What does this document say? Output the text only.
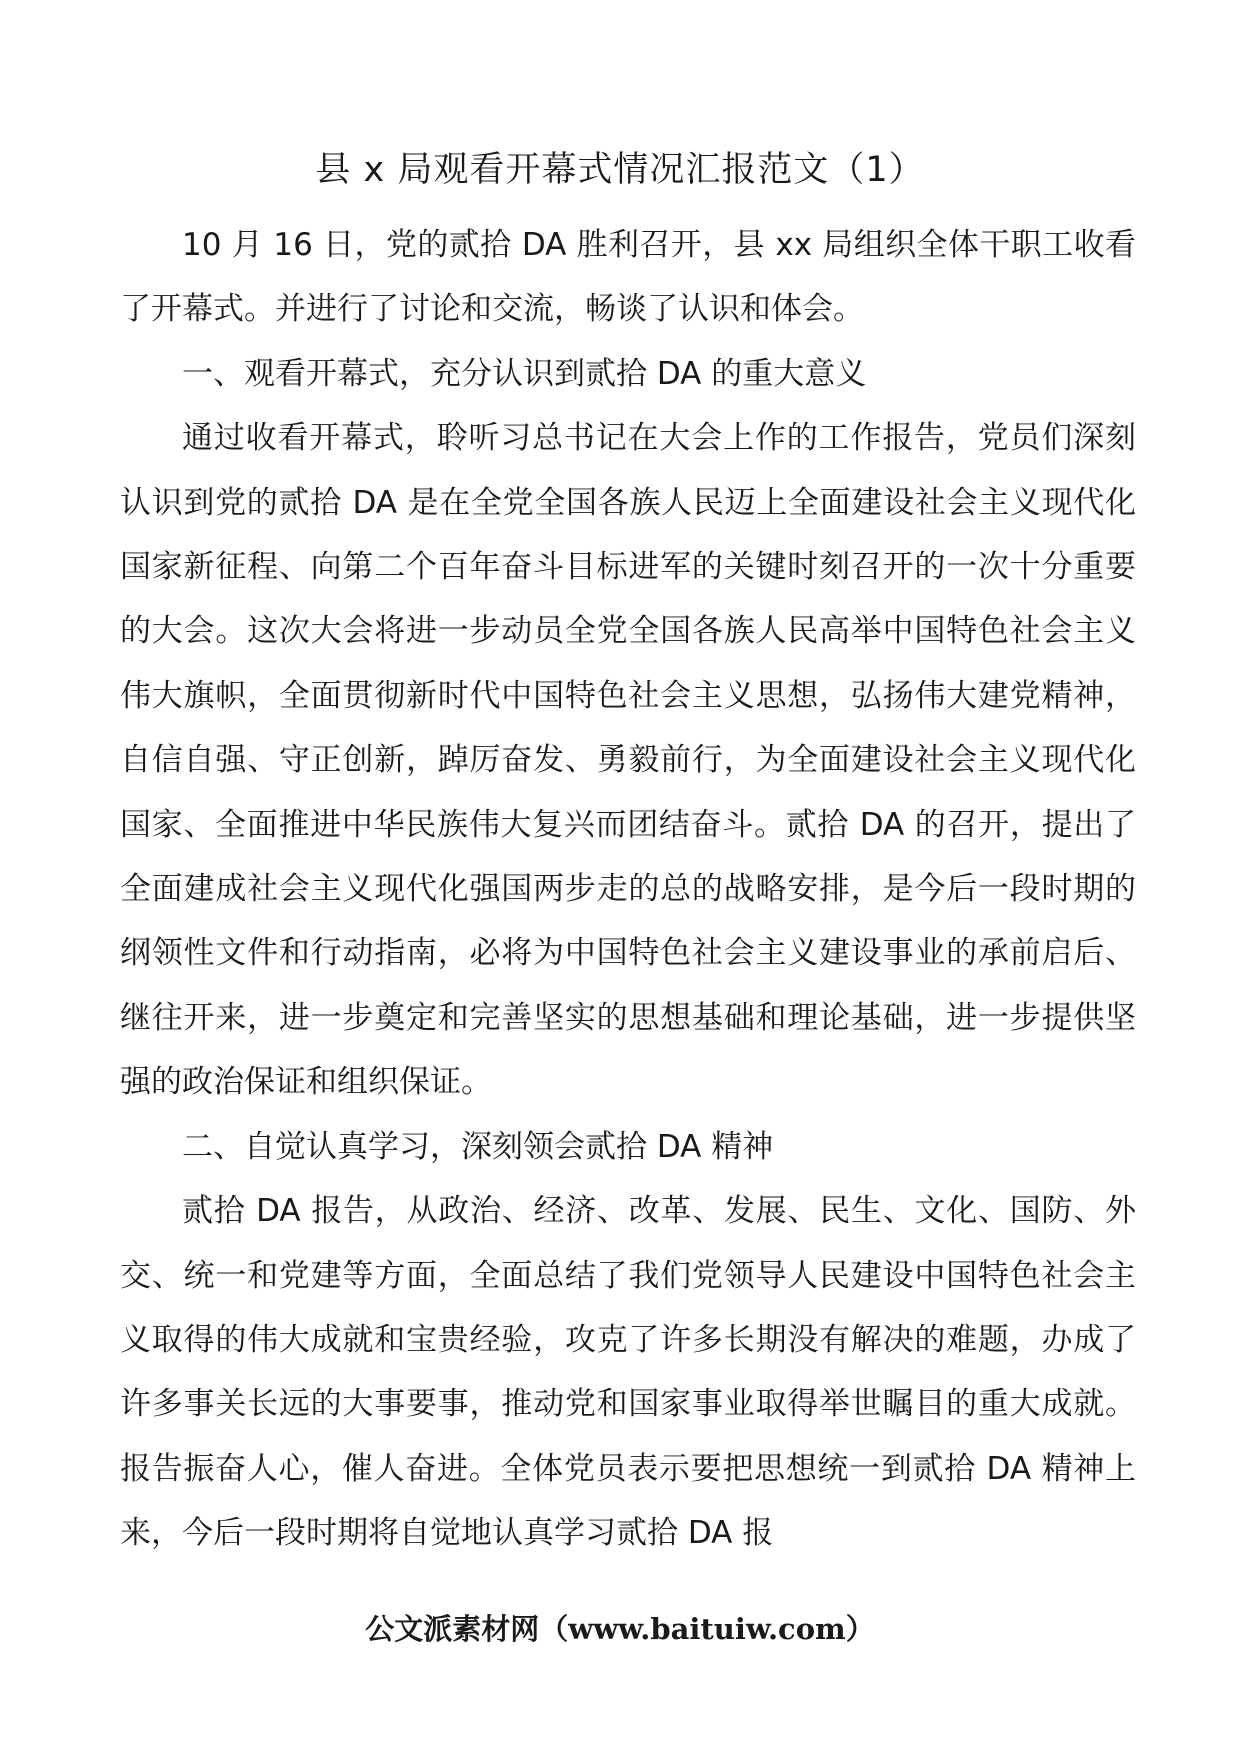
县 x 局观看开幕式情况汇报范文（1）

10 月 16 日，党的贰拾 DA 胜利召开，县 xx 局组织全体干职工收看了开幕式。并进行了讨论和交流，畅谈了认识和体会。

一、观看开幕式，充分认识到贰拾 DA 的重大意义

通过收看开幕式，聆听习总书记在大会上作的工作报告，党员们深刻认识到党的贰拾 DA 是在全党全国各族人民迈上全面建设社会主义现代化国家新征程、向第二个百年奋斗目标进军的关键时刻召开的一次十分重要的大会。这次大会将进一步动员全党全国各族人民高举中国特色社会主义伟大旗帜，全面贯彻新时代中国特色社会主义思想，弘扬伟大建党精神，自信自强、守正创新，踔厉奋发、勇毅前行，为全面建设社会主义现代化国家、全面推进中华民族伟大复兴而团结奋斗。贰拾 DA 的召开，提出了全面建成社会主义现代化强国两步走的总的战略安排，是今后一段时期的纲领性文件和行动指南，必将为中国特色社会主义建设事业的承前启后、继往开来，进一步奠定和完善坚实的思想基础和理论基础，进一步提供坚强的政治保证和组织保证。

二、自觉认真学习，深刻领会贰拾 DA 精神

贰拾 DA 报告，从政治、经济、改革、发展、民生、文化、国防、外交、统一和党建等方面，全面总结了我们党领导人民建设中国特色社会主义取得的伟大成就和宝贵经验，攻克了许多长期没有解决的难题，办成了许多事关长远的大事要事，推动党和国家事业取得举世瞩目的重大成就。报告振奋人心，催人奋进。全体党员表示要把思想统一到贰拾 DA 精神上来，今后一段时期将自觉地认真学习贰拾 DA 报

公文派素材网（www.baituiw.com）
